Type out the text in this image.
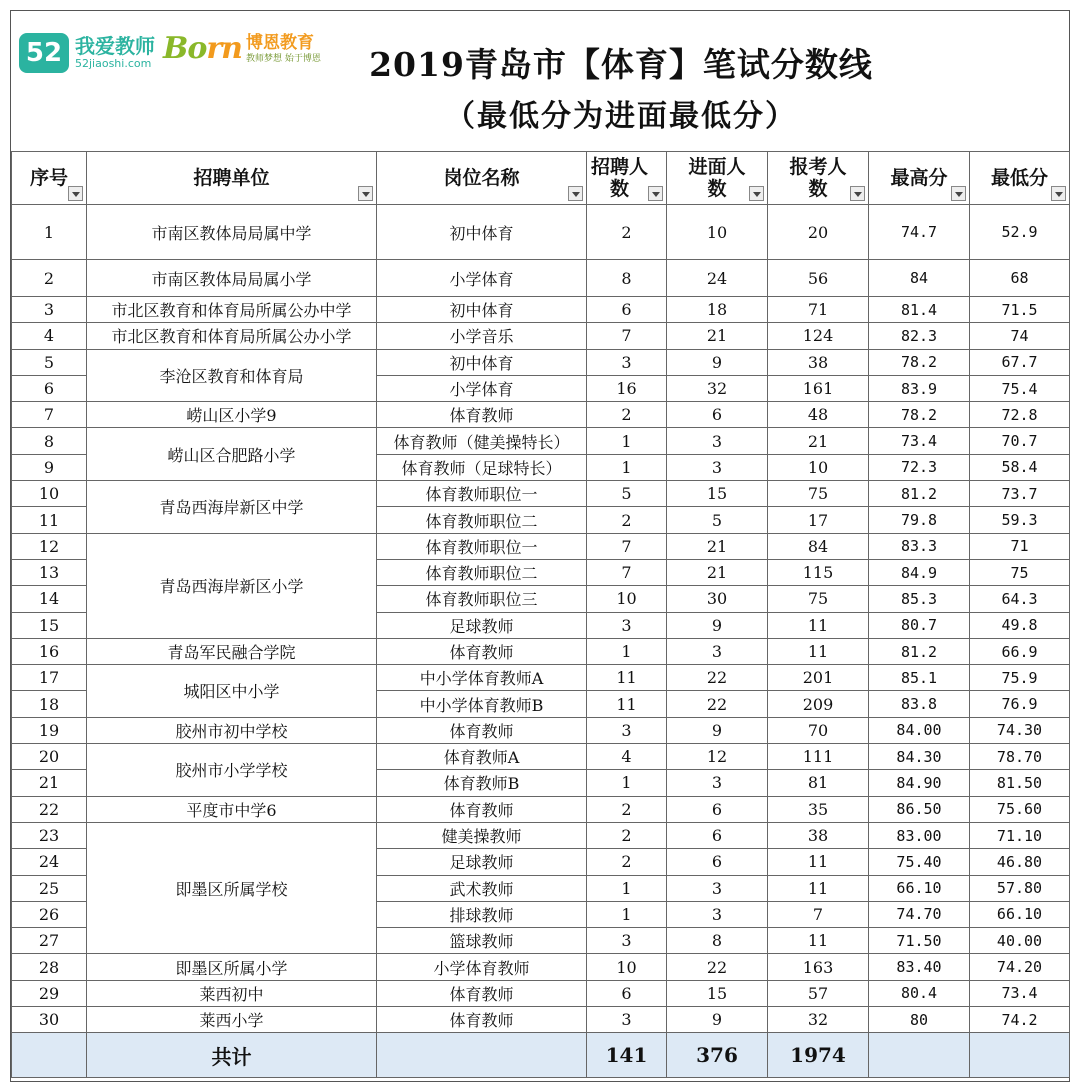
52 我爱教师
52jiaoshi.com Born 博恩教育
教师梦想 始于博恩	2019青岛市【体育】笔试分数线
（最低分为进面最低分）
序号	招聘单位	岗位名称	招聘人数	进面人数	报考人数	最高分	最低分

1	市南区教体局局属中学	初中体育	2	10	20	74.7	52.9
2	市南区教体局局属小学	小学体育	8	24	56	84	68
3	市北区教育和体育局所属公办中学	初中体育	6	18	71	81.4	71.5
4	市北区教育和体育局所属公办小学	小学音乐	7	21	124	82.3	74
5	李沧区教育和体育局	初中体育	3	9	38	78.2	67.7
6		小学体育	16	32	161	83.9	75.4
7	崂山区小学9	体育教师	2	6	48	78.2	72.8
8	崂山区合肥路小学	体育教师（健美操特长）	1	3	21	73.4	70.7
9		体育教师（足球特长）	1	3	10	72.3	58.4
10	青岛西海岸新区中学	体育教师职位一	5	15	75	81.2	73.7
11		体育教师职位二	2	5	17	79.8	59.3
12	青岛西海岸新区小学	体育教师职位一	7	21	84	83.3	71
13		体育教师职位二	7	21	115	84.9	75
14		体育教师职位三	10	30	75	85.3	64.3
15		足球教师	3	9	11	80.7	49.8
16	青岛军民融合学院	体育教师	1	3	11	81.2	66.9
17	城阳区中小学	中小学体育教师A	11	22	201	85.1	75.9
18		中小学体育教师B	11	22	209	83.8	76.9
19	胶州市初中学校	体育教师	3	9	70	84.00	74.30
20	胶州市小学学校	体育教师A	4	12	111	84.30	78.70
21		体育教师B	1	3	81	84.90	81.50
22	平度市中学6	体育教师	2	6	35	86.50	75.60
23	即墨区所属学校	健美操教师	2	6	38	83.00	71.10
24		足球教师	2	6	11	75.40	46.80
25		武术教师	1	3	11	66.10	57.80
26		排球教师	1	3	7	74.70	66.10
27		篮球教师	3	8	11	71.50	40.00
28	即墨区所属小学	小学体育教师	10	22	163	83.40	74.20
29	莱西初中	体育教师	6	15	57	80.4	73.4
30	莱西小学	体育教师	3	9	32	80	74.2
	共计		141	376	1974		
